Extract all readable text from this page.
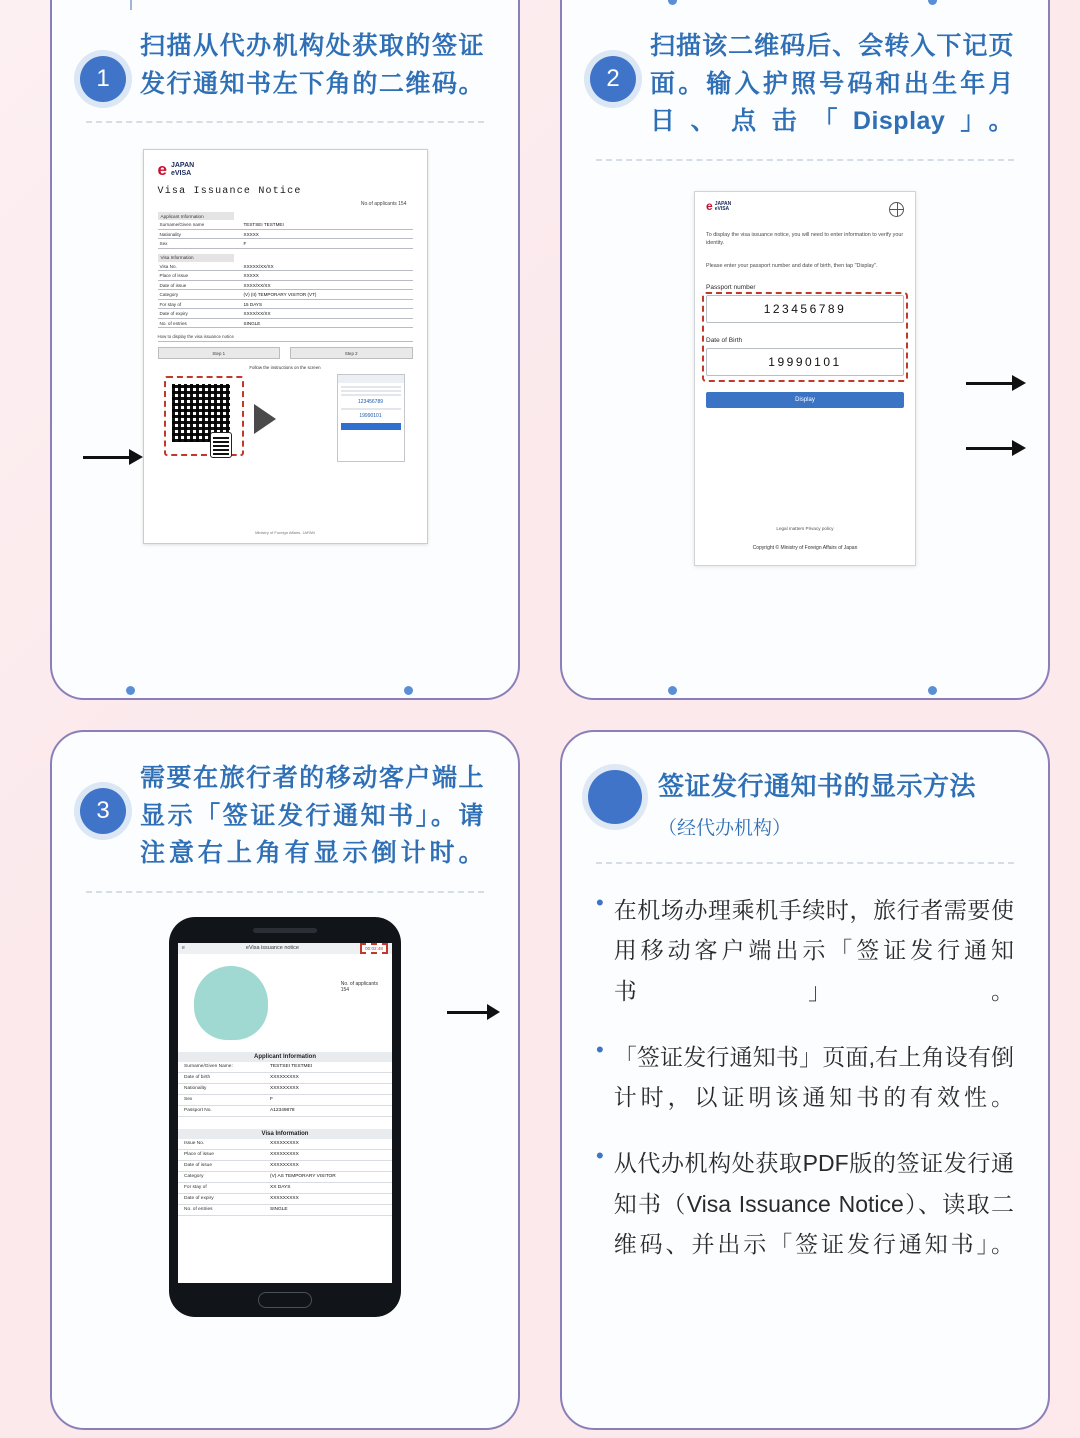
1
扫描从代办机构处获取的签证发行通知书左下角的二维码。
e JAPAN
eVISA
Visa Issuance Notice
No.of applicants 154
Applicant Information
Surname/Given name	TESTSEI TESTMEI
Nationality	XXXXX
Sex	F
Visa Information
Visa No.	XXXXX/XX/XX
Place of issue	XXXXX
Date of issue	XXXX/XX/XX
Category	(V) (II) TEMPORARY VISITOR (VT)
For stay of	15 DAYS
Date of expiry	XXXX/XX/XX
No. of entries	SINGLE
How to display the visa issuance notice
Step 1	Step 2
Follow the instructions on the screen
123456789
19990101
Ministry of Foreign Affairs, JAPAN
2
扫描该二维码后、会转入下记页面。输入护照号码和出生年月日、点击「Display」。
e JAPAN
eVISA
To display the visa issuance notice, you will need to enter information to verify your identity.
Please enter your passport number and date of birth, then tap "Display".
Passport number
123456789
Date of Birth
19990101
Display
Legal matters Privacy policy
Copyright © Ministry of Foreign Affairs of Japan
3
需要在旅行者的移动客户端上显示「签证发行通知书」。请注意右上角有显示倒计时。
e	eVisa issuance notice	00:02:48
No. of applicants
154
Applicant Information
Surname/Given Name:	TESTSEI TESTMEI
Date of birth	XXXXXXXXX
Nationality	XXXXXXXXX
Sex	F
Passport No.	A12349878
Visa Information
Issue No.	XXXXXXXXX
Place of issue	XXXXXXXXX
Date of issue	XXXXXXXXX
Category	(V) AS TEMPORARY VISITOR
For stay of	XX DAYS
Date of expiry	XXXXXXXXX
No. of entries	SINGLE
签证发行通知书的显示方法
（经代办机构）
• 在机场办理乘机手续时，旅行者需要使用移动客户端出示「签证发行通知书」。
• 「签证发行通知书」页面,右上角设有倒计时，以证明该通知书的有效性。
• 从代办机构处获取PDF版的签证发行通知书（Visa Issuance Notice）、读取二维码、并出示「签证发行通知书」。
